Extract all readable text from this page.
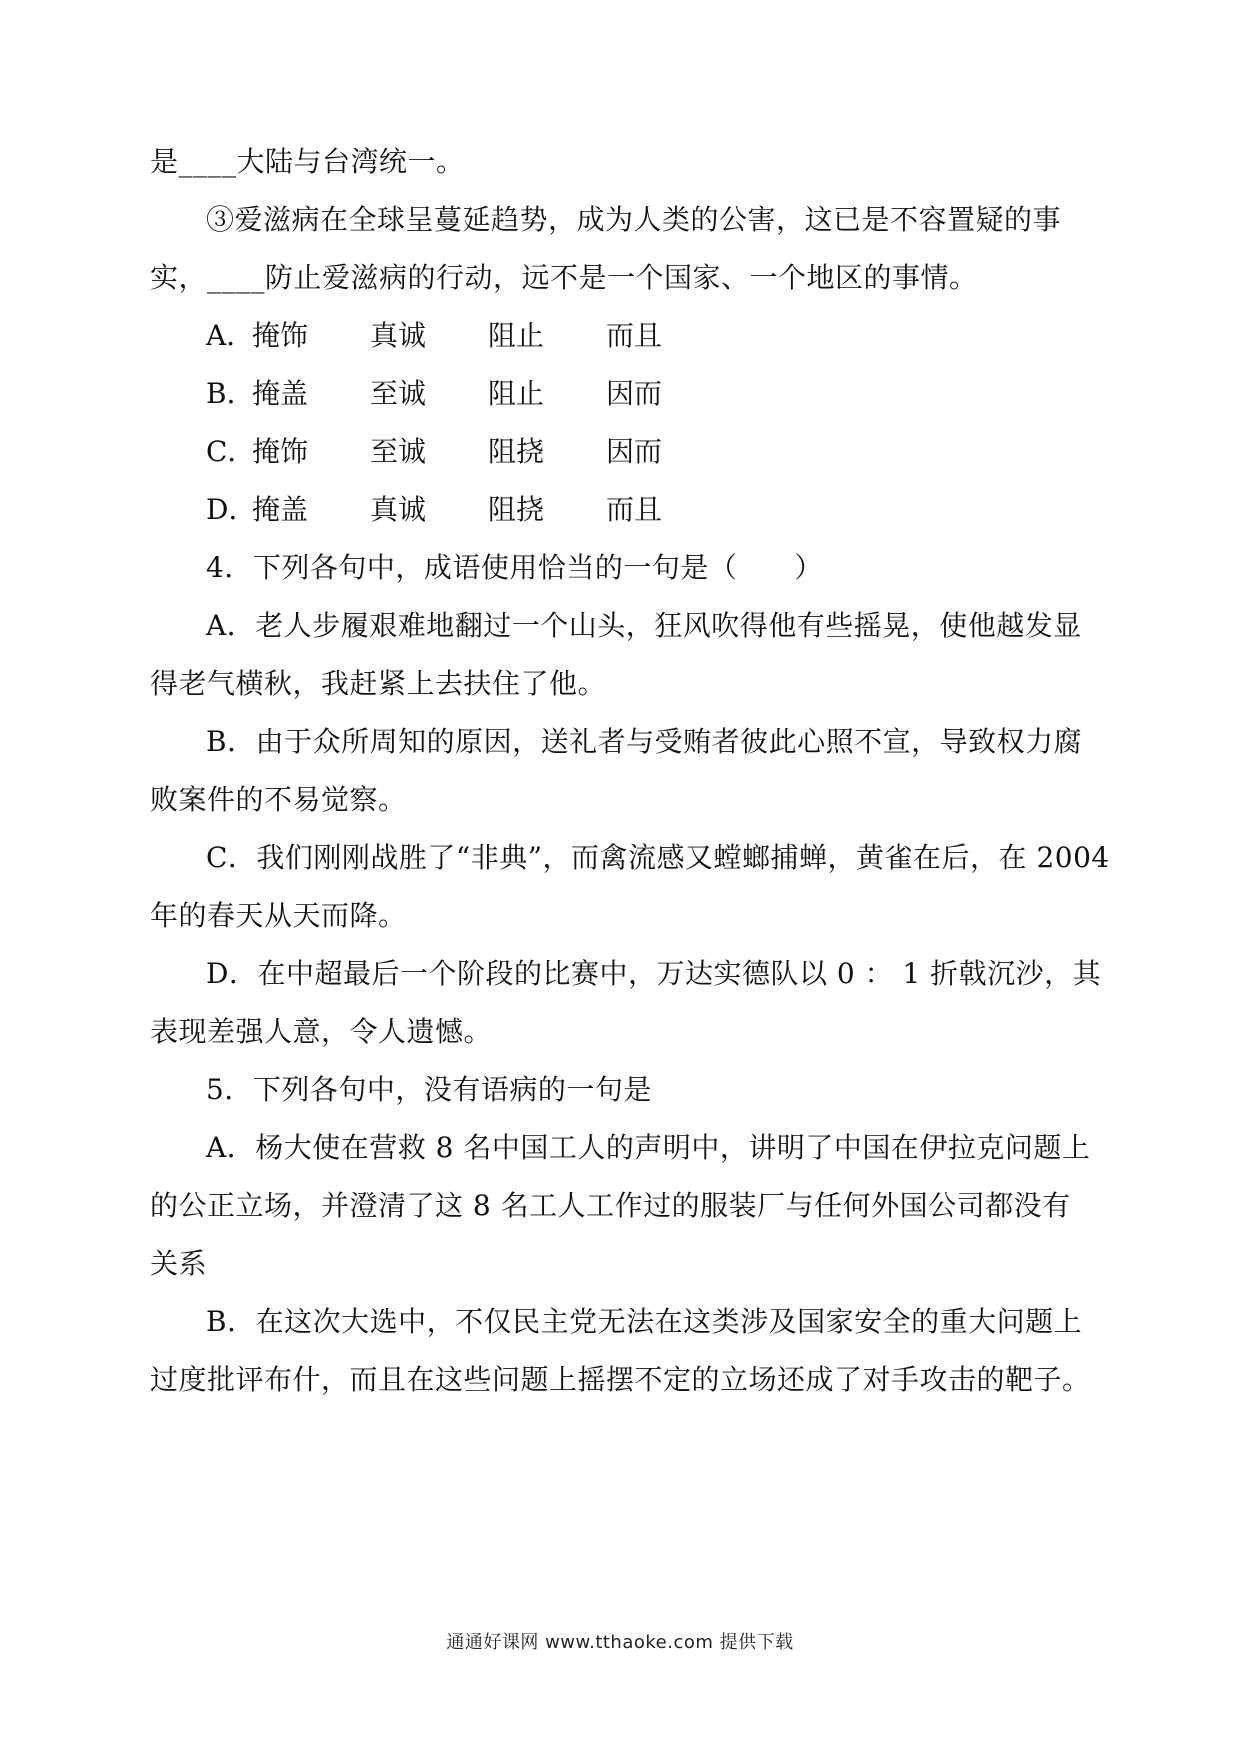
是____大陆与台湾统一。
③爱滋病在全球呈蔓延趋势，成为人类的公害，这已是不容置疑的事
实，____防止爱滋病的行动，远不是一个国家、一个地区的事情。
A．掩饰 真诚 阻止 而且
B．掩盖 至诚 阻止 因而
C．掩饰 至诚 阻挠 因而
D．掩盖 真诚 阻挠 而且
4．下列各句中，成语使用恰当的一句是（　　）
A．老人步履艰难地翻过一个山头，狂风吹得他有些摇晃，使他越发显
得老气横秋，我赶紧上去扶住了他。
B．由于众所周知的原因，送礼者与受贿者彼此心照不宣，导致权力腐
败案件的不易觉察。
C．我们刚刚战胜了“非典”，而禽流感又螳螂捕蝉，黄雀在后，在 2004
年的春天从天而降。
D．在中超最后一个阶段的比赛中，万达实德队以 0 ： 1 折戟沉沙，其
表现差强人意，令人遗憾。
5．下列各句中，没有语病的一句是
A．杨大使在营救 8 名中国工人的声明中，讲明了中国在伊拉克问题上
的公正立场，并澄清了这 8 名工人工作过的服装厂与任何外国公司都没有
关系
B．在这次大选中，不仅民主党无法在这类涉及国家安全的重大问题上
过度批评布什，而且在这些问题上摇摆不定的立场还成了对手攻击的靶子。
通通好课网 www.tthaoke.com 提供下载
